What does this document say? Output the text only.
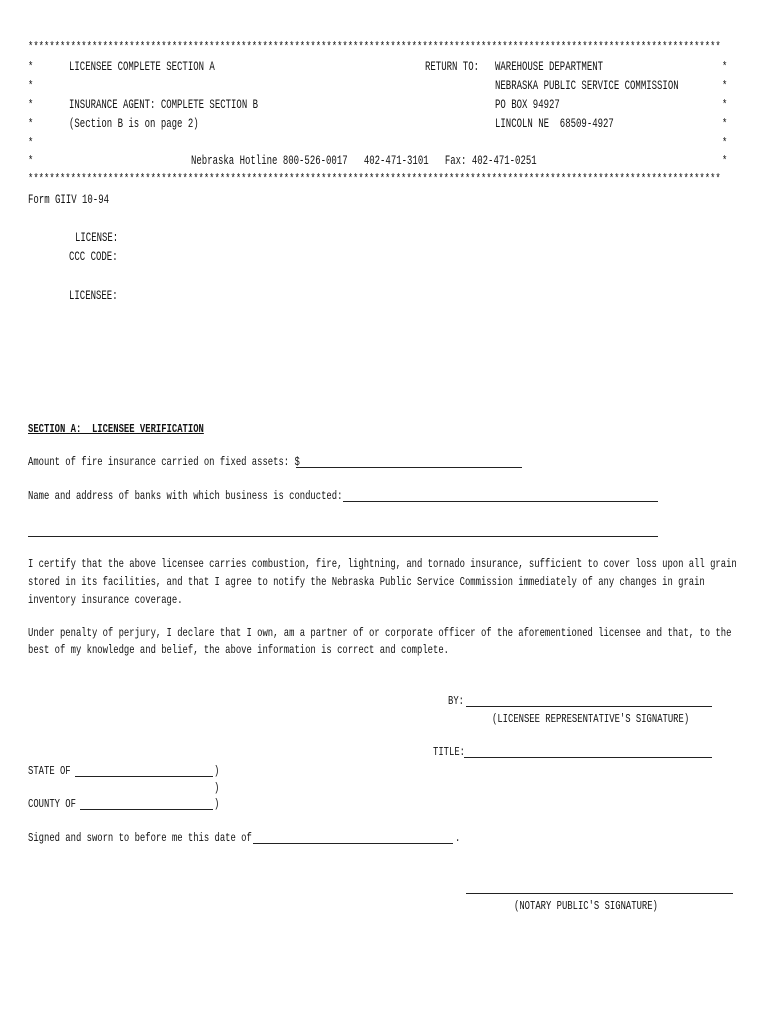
**********************************************************************************************************************************
*
*
*
*
*
*
*
*
*
*
*
*
LICENSEE COMPLETE SECTION A
INSURANCE AGENT: COMPLETE SECTION B
(Section B is on page 2)
RETURN TO: WAREHOUSE DEPARTMENT
NEBRASKA PUBLIC SERVICE COMMISSION
PO BOX 94927
LINCOLN NE  68509-4927
Nebraska Hotline 800-526-0017   402-471-3101   Fax: 402-471-0251
**********************************************************************************************************************************
Form GIIV 10-94
LICENSE:
CCC CODE:
LICENSEE:
SECTION A:  LICENSEE VERIFICATION
Amount of fire insurance carried on fixed assets: $
Name and address of banks with which business is conducted:
I certify that the above licensee carries combustion, fire, lightning, and tornado insurance, sufficient to cover loss upon all grain
stored in its facilities, and that I agree to notify the Nebraska Public Service Commission immediately of any changes in grain
inventory insurance coverage.
Under penalty of perjury, I declare that I own, am a partner of or corporate officer of the aforementioned licensee and that, to the
best of my knowledge and belief, the above information is correct and complete.
BY:
(LICENSEE REPRESENTATIVE'S SIGNATURE)
TITLE:
STATE OF	)
)
COUNTY OF	)
Signed and sworn to before me this date of	.
(NOTARY PUBLIC'S SIGNATURE)
